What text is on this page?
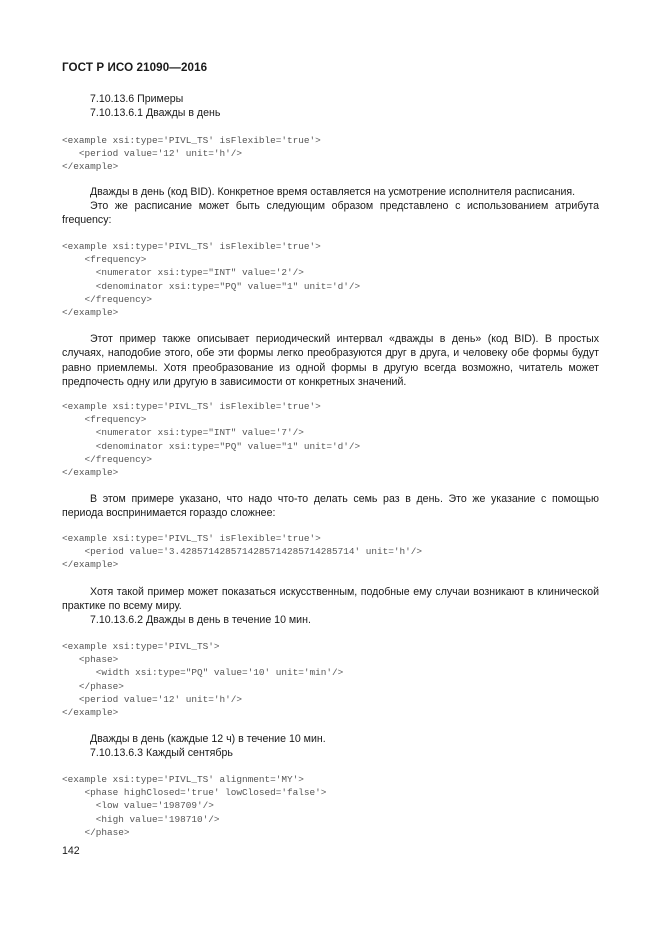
ГОСТ Р ИСО 21090—2016
7.10.13.6 Примеры
7.10.13.6.1 Дважды в день
<example xsi:type='PIVL_TS' isFlexible='true'>
<period value='12' unit='h'/>
</example>
Дважды в день (код BID). Конкретное время оставляется на усмотрение исполнителя расписания.
Это же расписание может быть следующим образом представлено с использованием атрибута frequency:
<example xsi:type='PIVL_TS' isFlexible='true'>
<frequency>
<numerator xsi:type="INT" value='2'/>
<denominator xsi:type="PQ" value="1" unit='d'/>
</frequency>
</example>
Этот пример также описывает периодический интервал «дважды в день» (код BID). В простых случаях, наподобие этого, обе эти формы легко преобразуются друг в друга, и человеку обе формы будут равно приемлемы. Хотя преобразование из одной формы в другую всегда возможно, читатель может предпочесть одну или другую в зависимости от конкретных значений.
<example xsi:type='PIVL_TS' isFlexible='true'>
<frequency>
<numerator xsi:type="INT" value='7'/>
<denominator xsi:type="PQ" value="1" unit='d'/>
</frequency>
</example>
В этом примере указано, что надо что-то делать семь раз в день. Это же указание с помощью периода воспринимается гораздо сложнее:
<example xsi:type='PIVL_TS' isFlexible='true'>
<period value='3.4285714285714285714285714285714' unit='h'/>
</example>
Хотя такой пример может показаться искусственным, подобные ему случаи возникают в клинической практике по всему миру.
7.10.13.6.2 Дважды в день в течение 10 мин.
<example xsi:type='PIVL_TS'>
<phase>
<width xsi:type="PQ" value='10' unit='min'/>
</phase>
<period value='12' unit='h'/>
</example>
Дважды в день (каждые 12 ч) в течение 10 мин.
7.10.13.6.3 Каждый сентябрь
<example xsi:type='PIVL_TS' alignment='MY'>
<phase highClosed='true' lowClosed='false'>
<low value='198709'/>
<high value='198710'/>
</phase>
142
